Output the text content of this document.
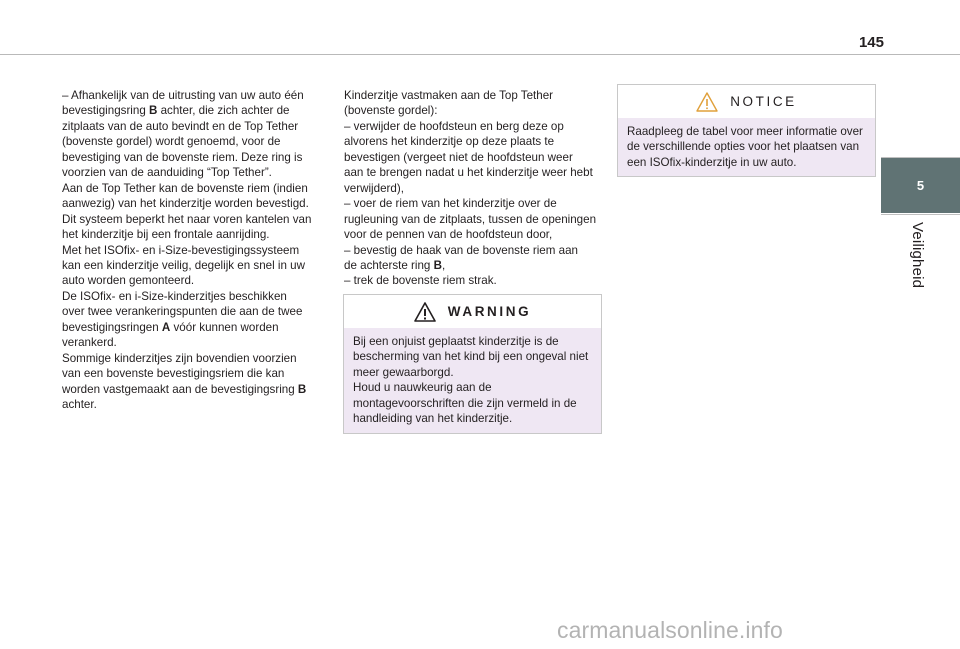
145
5
Veiligheid
– Afhankelijk van de uitrusting van uw auto één
bevestigingsring B achter, die zich achter de
zitplaats van de auto bevindt en de Top Tether
(bovenste gordel) wordt genoemd, voor de
bevestiging van de bovenste riem. Deze ring is
voorzien van de aanduiding “Top Tether”.
Aan de Top Tether kan de bovenste riem (indien
aanwezig) van het kinderzitje worden bevestigd.
Dit systeem beperkt het naar voren kantelen van
het kinderzitje bij een frontale aanrijding.
Met het ISOfix- en i-Size-bevestigingssysteem
kan een kinderzitje veilig, degelijk en snel in uw
auto worden gemonteerd.
De ISOfix- en i-Size-kinderzitjes beschikken
over twee verankeringspunten die aan de twee
bevestigingsringen A vóór kunnen worden
verankerd.
Sommige kinderzitjes zijn bovendien voorzien
van een bovenste bevestigingsriem die kan
worden vastgemaakt aan de bevestigingsring B
achter.
Kinderzitje vastmaken aan de Top Tether
(bovenste gordel):
– verwijder de hoofdsteun en berg deze op
alvorens het kinderzitje op deze plaats te
bevestigen (vergeet niet de hoofdsteun weer
aan te brengen nadat u het kinderzitje weer hebt
verwijderd),
– voer de riem van het kinderzitje over de
rugleuning van de zitplaats, tussen de openingen
voor de pennen van de hoofdsteun door,
– bevestig de haak van de bovenste riem aan
de achterste ring B,
– trek de bovenste riem strak.
WARNING
Bij een onjuist geplaatst kinderzitje is de
bescherming van het kind bij een ongeval niet
meer gewaarborgd.
Houd u nauwkeurig aan de
montagevoorschriften die zijn vermeld in de
handleiding van het kinderzitje.
NOTICE
Raadpleeg de tabel voor meer informatie over
de verschillende opties voor het plaatsen van
een ISOfix-kinderzitje in uw auto.
carmanualsonline.info
